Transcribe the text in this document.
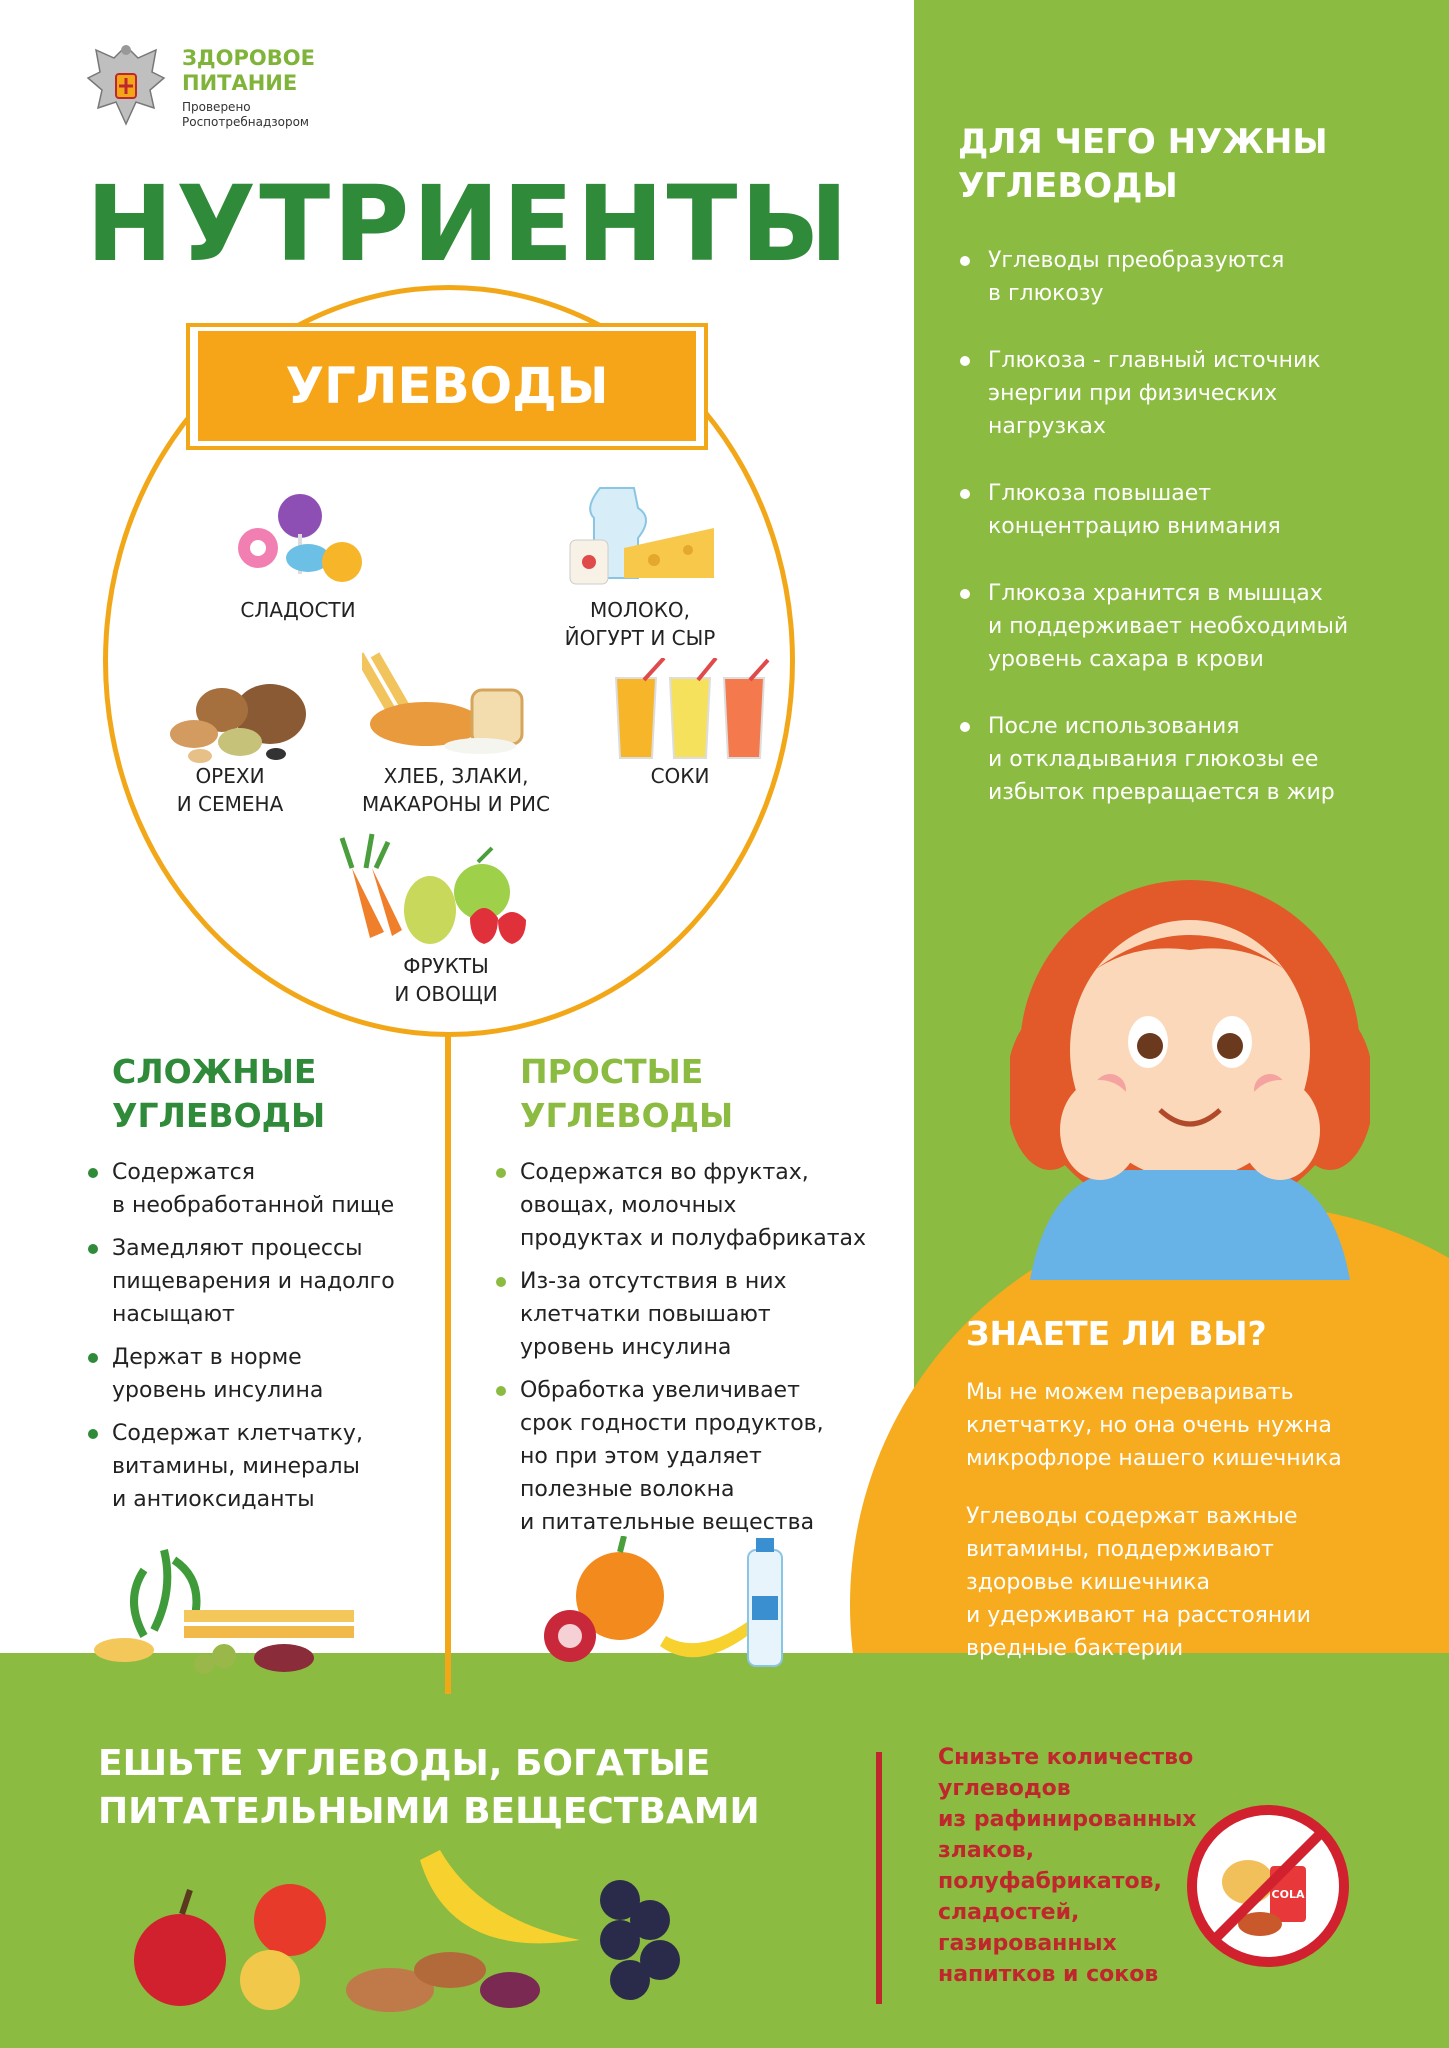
ЗДОРОВОЕ
ПИТАНИЕ
Проверено
Роспотребнадзором
НУТРИЕНТЫ
УГЛЕВОДЫ
СЛАДОСТИ	МОЛОКО,
ЙОГУРТ И СЫР
ОРЕХИ
И СЕМЕНА
ХЛЕБ, ЗЛАКИ,
МАКАРОНЫ И РИС
СОКИ
ФРУКТЫ
И ОВОЩИ
СЛОЖНЫЕ
УГЛЕВОДЫ
Содержатся
в необработанной пище
Замедляют процессы
пищеварения и надолго
насыщают
Держат в норме
уровень инсулина
Содержат клетчатку,
витамины, минералы
и антиоксиданты
ПРОСТЫЕ
УГЛЕВОДЫ
Содержатся во фруктах,
овощах, молочных
продуктах и полуфабрикатах
Из-за отсутствия в них
клетчатки повышают
уровень инсулина
Обработка увеличивает
срок годности продуктов,
но при этом удаляет
полезные волокна
и питательные вещества
ДЛЯ ЧЕГО НУЖНЫ
УГЛЕВОДЫ
Углеводы преобразуются
в глюкозу
Глюкоза - главный источник
энергии при физических
нагрузках
Глюкоза повышает
концентрацию внимания
Глюкоза хранится в мышцах
и поддерживает необходимый
уровень сахара в крови
После использования
и откладывания глюкозы ее
избыток превращается в жир
ЗНАЕТЕ ЛИ ВЫ?
Мы не можем переваривать
клетчатку, но она очень нужна
микрофлоре нашего кишечника
Углеводы содержат важные
витамины, поддерживают
здоровье кишечника
и удерживают на расстоянии
вредные бактерии
ЕШЬТЕ УГЛЕВОДЫ, БОГАТЫЕ
ПИТАТЕЛЬНЫМИ ВЕЩЕСТВАМИ
Снизьте количество
углеводов
из рафинированных
злаков,
полуфабрикатов,
сладостей,
газированных
напитков и соков
COLA
